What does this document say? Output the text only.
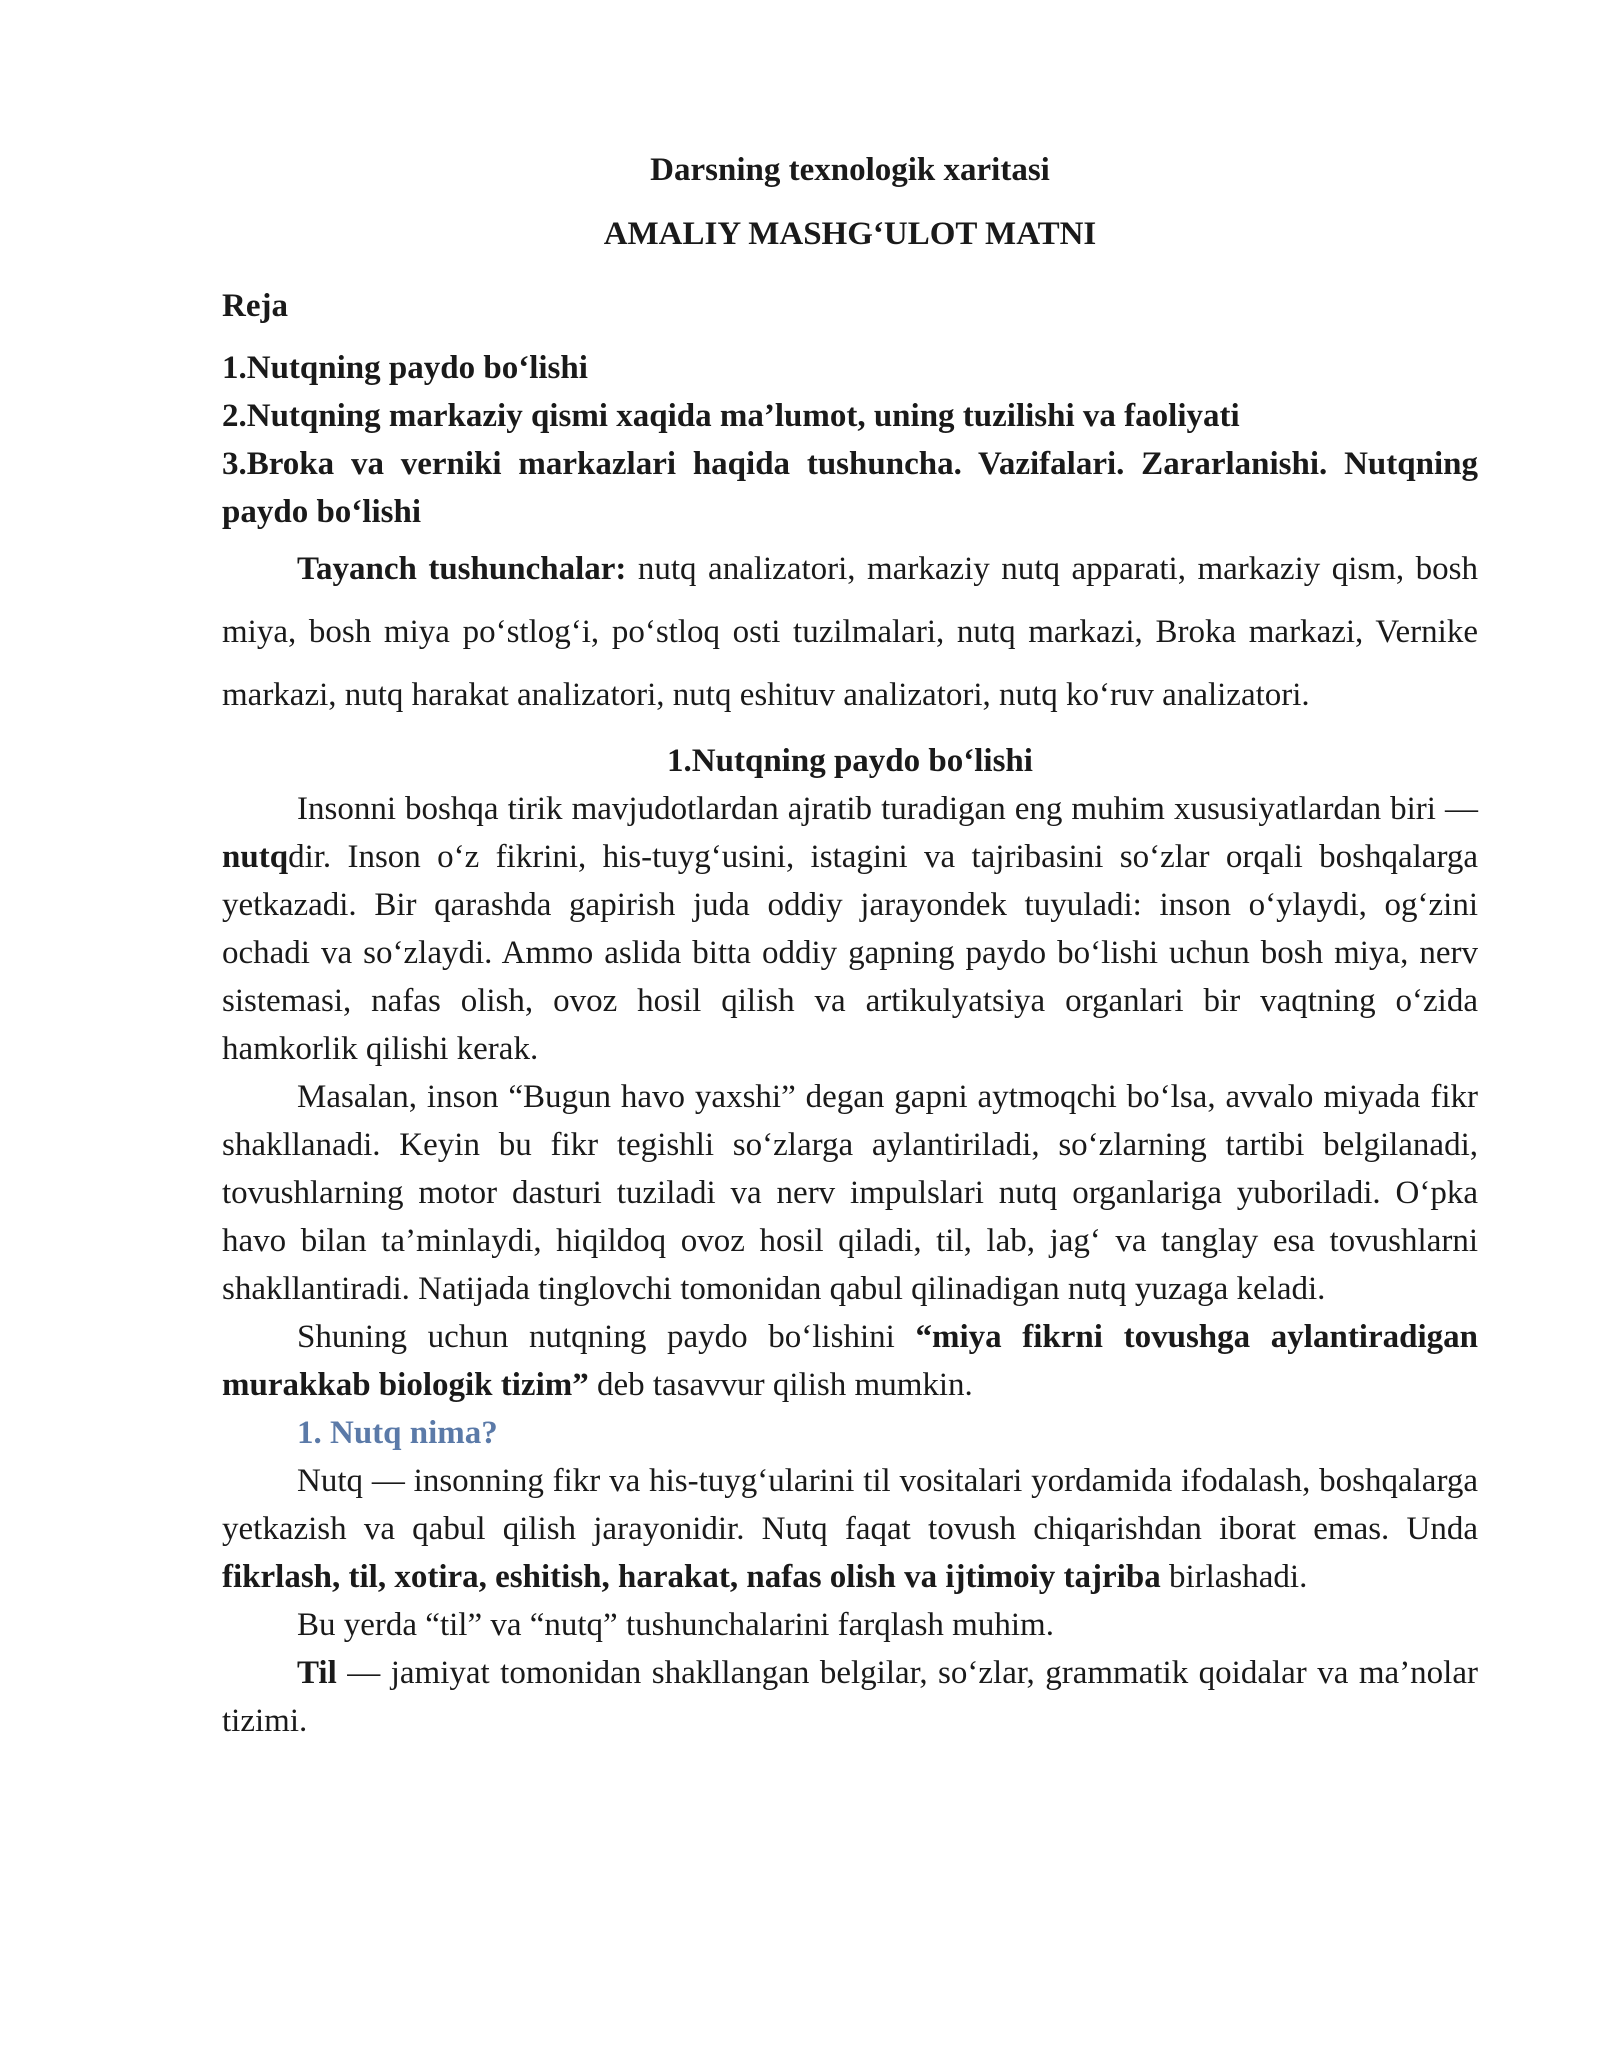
Darsning texnologik xaritasi

AMALIY MASHG‘ULOT MATNI

Reja

1.Nutqning paydo bo‘lishi
2.Nutqning markaziy qismi xaqida ma’lumot, uning tuzilishi va faoliyati
3.Broka va verniki markazlari haqida tushuncha. Vazifalari. Zararlanishi. Nutqning paydo bo‘lishi

Tayanch tushunchalar: nutq analizatori, markaziy nutq apparati, markaziy qism, bosh miya, bosh miya po‘stlog‘i, po‘stloq osti tuzilmalari, nutq markazi, Broka markazi, Vernike markazi, nutq harakat analizatori, nutq eshituv analizatori, nutq ko‘ruv analizatori.

1.Nutqning paydo bo‘lishi

Insonni boshqa tirik mavjudotlardan ajratib turadigan eng muhim xususiyatlardan biri — nutqdir. Inson o‘z fikrini, his-tuyg‘usini, istagini va tajribasini so‘zlar orqali boshqalarga yetkazadi. Bir qarashda gapirish juda oddiy jarayondek tuyuladi: inson o‘ylaydi, og‘zini ochadi va so‘zlaydi. Ammo aslida bitta oddiy gapning paydo bo‘lishi uchun bosh miya, nerv sistemasi, nafas olish, ovoz hosil qilish va artikulyatsiya organlari bir vaqtning o‘zida hamkorlik qilishi kerak.

Masalan, inson “Bugun havo yaxshi” degan gapni aytmoqchi bo‘lsa, avvalo miyada fikr shakllanadi. Keyin bu fikr tegishli so‘zlarga aylantiriladi, so‘zlarning tartibi belgilanadi, tovushlarning motor dasturi tuziladi va nerv impulslari nutq organlariga yuboriladi. O‘pka havo bilan ta’minlaydi, hiqildoq ovoz hosil qiladi, til, lab, jag‘ va tanglay esa tovushlarni shakllantiradi. Natijada tinglovchi tomonidan qabul qilinadigan nutq yuzaga keladi.

Shuning uchun nutqning paydo bo‘lishini “miya fikrni tovushga aylantiradigan murakkab biologik tizim” deb tasavvur qilish mumkin.

1. Nutq nima?

Nutq — insonning fikr va his-tuyg‘ularini til vositalari yordamida ifodalash, boshqalarga yetkazish va qabul qilish jarayonidir. Nutq faqat tovush chiqarishdan iborat emas. Unda fikrlash, til, xotira, eshitish, harakat, nafas olish va ijtimoiy tajriba birlashadi.

Bu yerda “til” va “nutq” tushunchalarini farqlash muhim.

Til — jamiyat tomonidan shakllangan belgilar, so‘zlar, grammatik qoidalar va ma’nolar tizimi.
